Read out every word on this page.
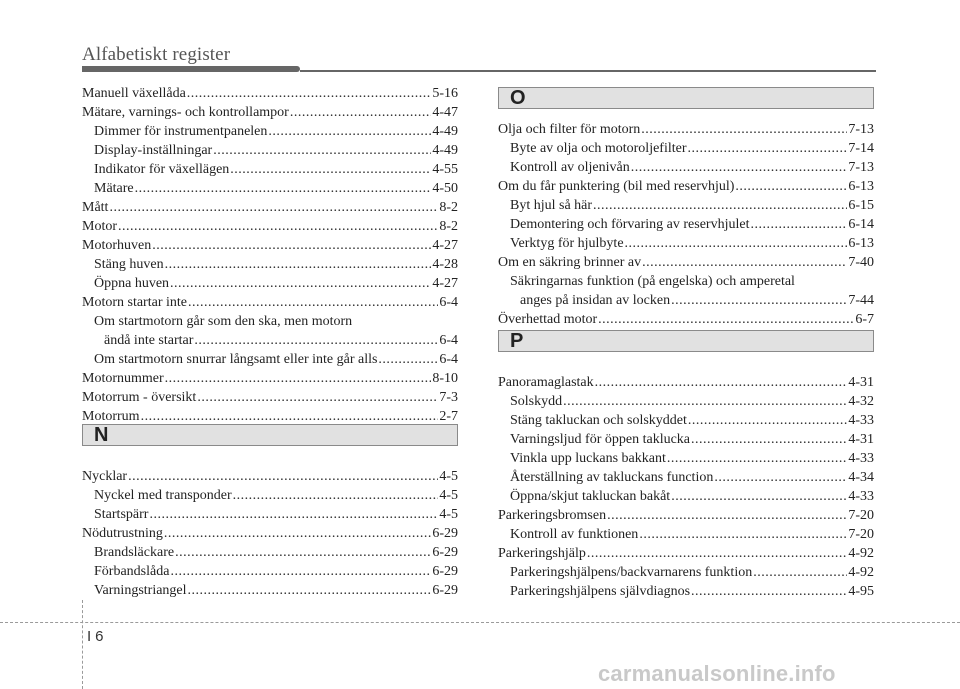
Alfabetiskt register
Manuell växellåda .....	5-16
Mätare, varnings- och kontrollampor .....	4-47
Dimmer för instrumentpanelen .....	4-49
Display-inställningar .....	4-49
Indikator för växellägen .....	4-55
Mätare .....	4-50
Mått .....	8-2
Motor .....	8-2
Motorhuven .....	4-27
Stäng huven .....	4-28
Öppna huven .....	4-27
Motorn startar inte .....	6-4
Om startmotorn går som den ska, men motorn
ändå inte startar .....	6-4
Om startmotorn snurrar långsamt eller inte går alls .....	6-4
Motornummer .....	8-10
Motorrum - översikt .....	7-3
Motorrum .....	2-7
N
Nycklar .....	4-5
Nyckel med transponder .....	4-5
Startspärr .....	4-5
Nödutrustning .....	6-29
Brandsläckare .....	6-29
Förbandslåda .....	6-29
Varningstriangel .....	6-29
O
Olja och filter för motorn .....	7-13
Byte av olja och motoroljefilter .....	7-14
Kontroll av oljenivån .....	7-13
Om du får punktering (bil med reservhjul) .....	6-13
Byt hjul så här .....	6-15
Demontering och förvaring av reservhjulet .....	6-14
Verktyg för hjulbyte .....	6-13
Om en säkring brinner av .....	7-40
Säkringarnas funktion (på engelska) och amperetal
anges på insidan av locken .....	7-44
Överhettad motor .....	6-7
P
Panoramaglastak .....	4-31
Solskydd .....	4-32
Stäng takluckan och solskyddet .....	4-33
Varningsljud för öppen taklucka .....	4-31
Vinkla upp luckans bakkant .....	4-33
Återställning av takluckans function .....	4-34
Öppna/skjut takluckan bakåt .....	4-33
Parkeringsbromsen .....	7-20
Kontroll av funktionen .....	7-20
Parkeringshjälp .....	4-92
Parkeringshjälpens/backvarnarens funktion .....	4-92
Parkeringshjälpens självdiagnos .....	4-95
I 6
carmanualsonline.info
